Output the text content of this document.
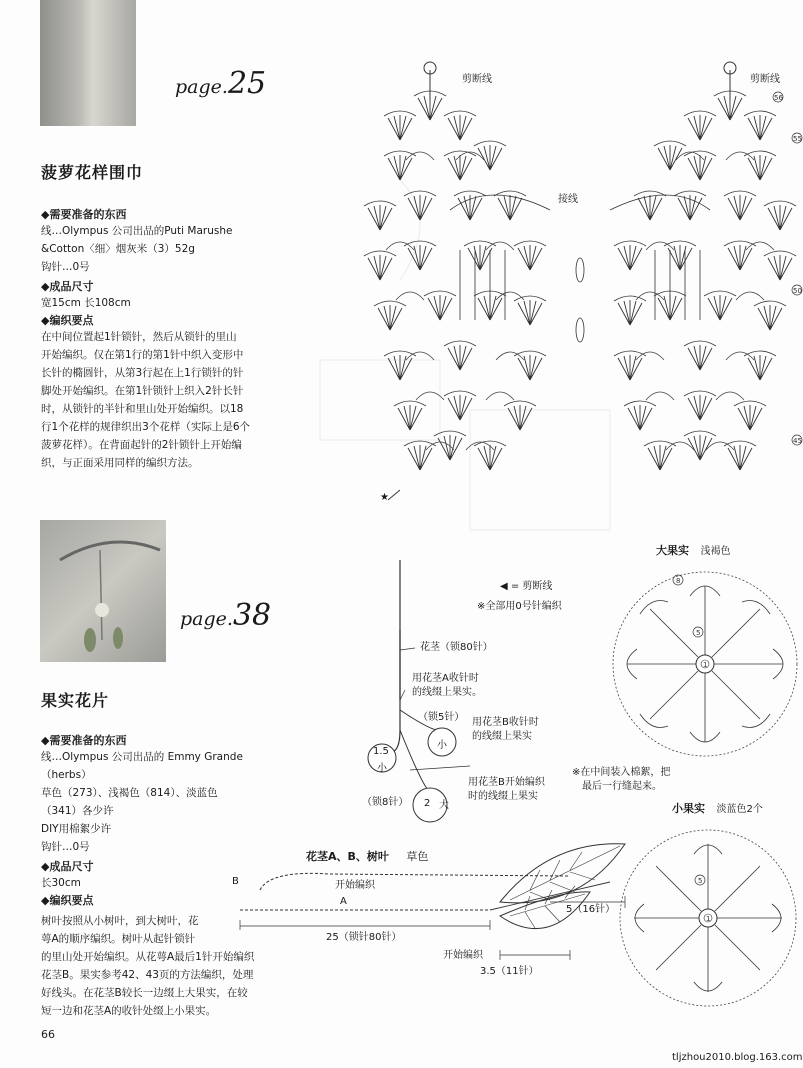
page.25
菠萝花样围巾
◆需要准备的东西
线…Olympus 公司出品的Puti Marushe
&Cotton〈细〉烟灰米（3）52g
钩针…0号
◆成品尺寸
宽15cm 长108cm
◆编织要点
在中间位置起1针锁针，然后从锁针的里山
开始编织。仅在第1行的第1针中织入变形中
长针的橢圆针，从第3行起在上1行锁针的针
脚处开始编织。在第1针锁针上织入2针长针
时，从锁针的半针和里山处开始编织。以18
行1个花样的规律织出3个花样（实际上是6个
菠萝花样）。在背面起针的2针锁针上开始编
织，与正面采用同样的编织方法。
page.38
果实花片
◆需要准备的东西
线…Olympus 公司出品的 Emmy Grande
（herbs）
草色（273）、浅褐色（814）、淡蓝色
（341）各少许
DIY用棉絮少许
钩针…0号
◆成品尺寸
长30cm
◆编织要点
树叶按照从小树叶，到大树叶，花
萼A的顺序编织。树叶从起针锁针
的里山处开始编织。从花萼A最后1针开始编织
花茎B。果实参考42、43页的方法编织，处理
好线头。在花茎B较长一边缀上大果实，在较
短一边和花茎A的收针处缀上小果实。
66
tljzhou2010.blog.163.com
56
55
50
45
剪断线	剪断线
接线
★
◀ = 剪断线
※全部用0号针编织
花茎（锁80针）
用花茎A收针时
的线缀上果实。
（锁5针） 用花茎B收针时
的线缀上果实
1.5
小
小
（锁8针） 2 大
用花茎B开始编织
时的线缀上果实
花茎A、B、树叶 草色
B	开始编织
A
25（锁针80针）
5（16针）
开始编织
3.5（11针）
大果实 浅褐色
8
5
1
※在中间装入棉絮，把
最后一行缝起来。
小果实 淡蓝色2个
5
1
